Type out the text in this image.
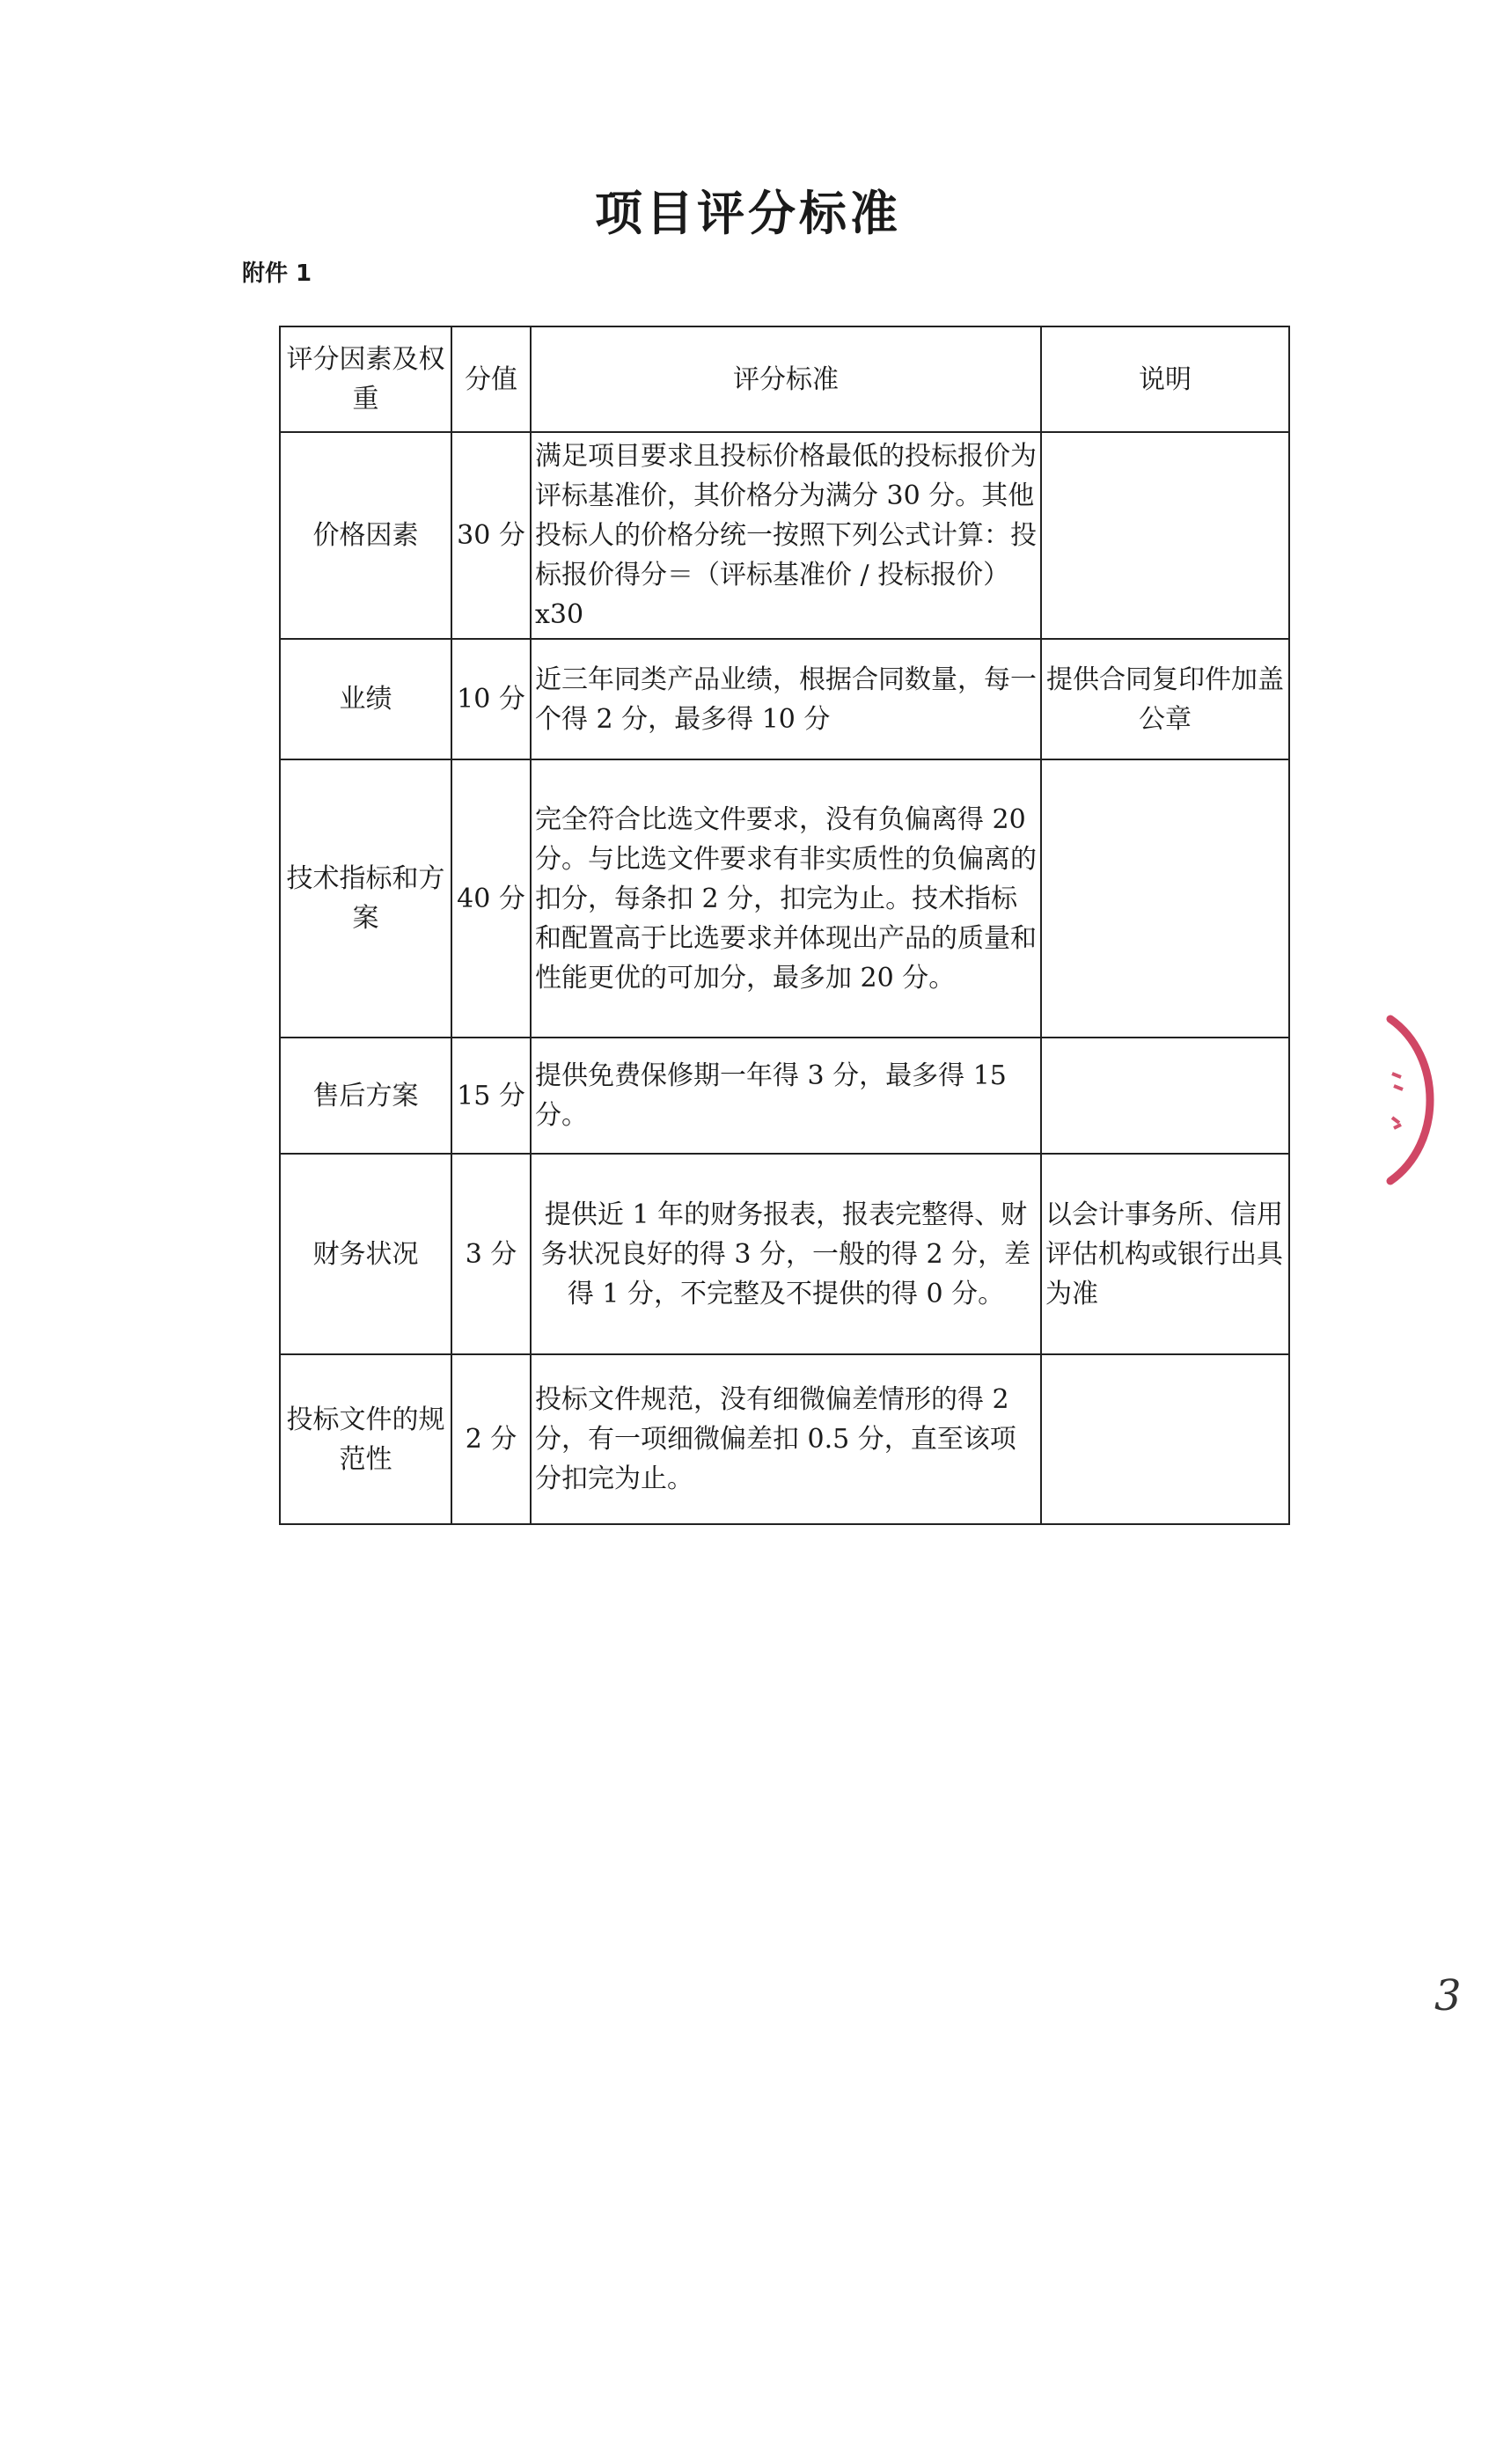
项目评分标准
附件 1
评分因素及权重	分值	评分标准	说明
价格因素	30 分	满足项目要求且投标价格最低的投标报价为评标基准价，其价格分为满分 30 分。其他投标人的价格分统一按照下列公式计算：投标报价得分＝（评标基准价 / 投标报价）x30	
业绩	10 分	近三年同类产品业绩，根据合同数量，每一个得 2 分，最多得 10 分	提供合同复印件加盖公章
技术指标和方案	40 分	完全符合比选文件要求，没有负偏离得 20 分。与比选文件要求有非实质性的负偏离的扣分，每条扣 2 分，扣完为止。技术指标和配置高于比选要求并体现出产品的质量和性能更优的可加分，最多加 20 分。	
售后方案	15 分	提供免费保修期一年得 3 分，最多得 15 分。	
财务状况	3 分	提供近 1 年的财务报表，报表完整得、财务状况良好的得 3 分，一般的得 2 分，差得 1 分，不完整及不提供的得 0 分。	以会计事务所、信用评估机构或银行出具为准
投标文件的规范性	2 分	投标文件规范，没有细微偏差情形的得 2 分，有一项细微偏差扣 0.5 分，直至该项分扣完为止。	
3
